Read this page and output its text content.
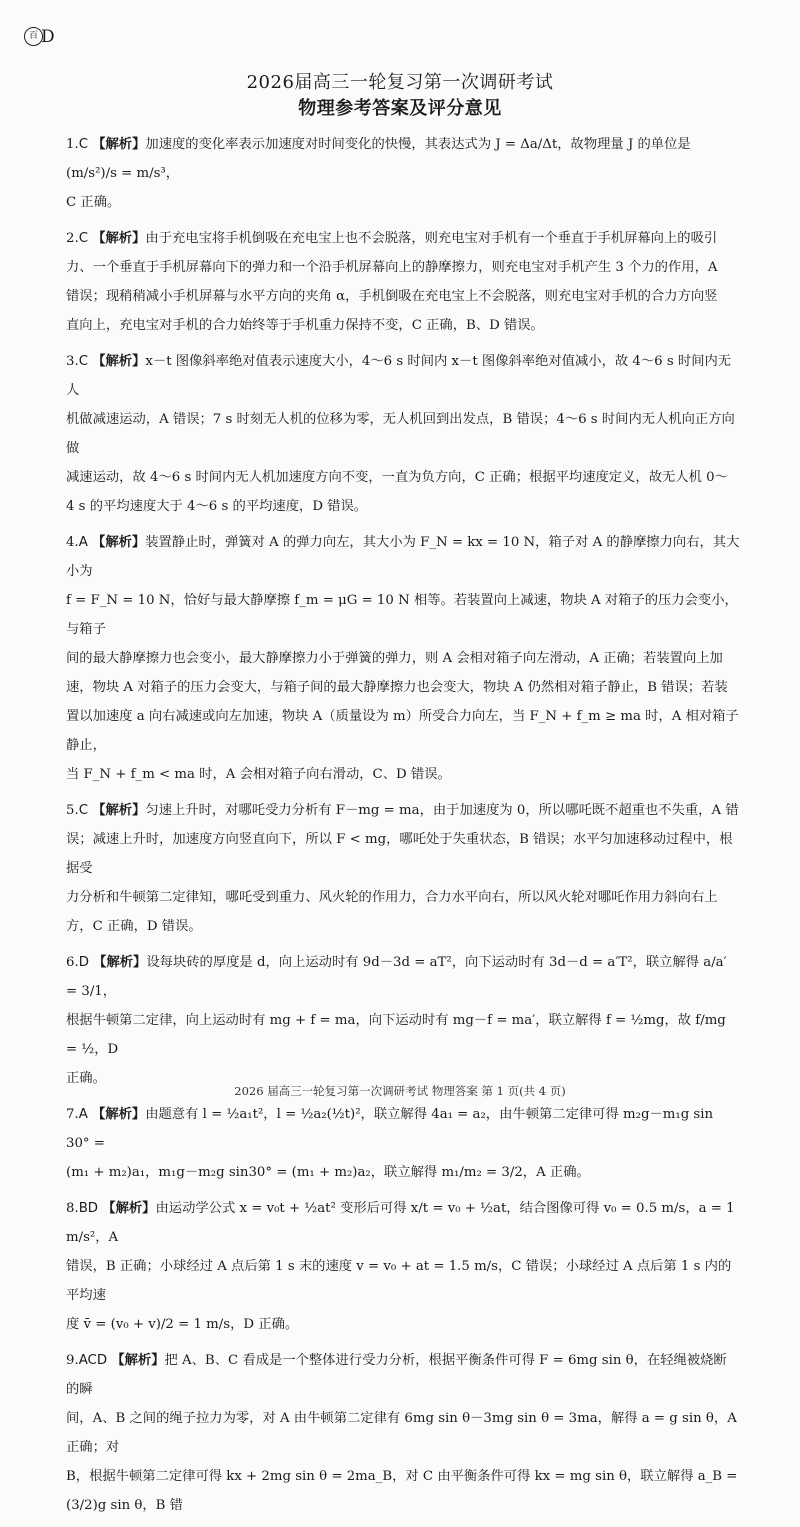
百 D
2026届高三一轮复习第一次调研考试
物理参考答案及评分意见

1.C 【解析】加速度的变化率表示加速度对时间变化的快慢，其表达式为 J = Δa/Δt，故物理量 J 的单位是 (m/s²)/s = m/s³，

C 正确。

2.C 【解析】由于充电宝将手机倒吸在充电宝上也不会脱落，则充电宝对手机有一个垂直于手机屏幕向上的吸引

力、一个垂直于手机屏幕向下的弹力和一个沿手机屏幕向上的静摩擦力，则充电宝对手机产生 3 个力的作用，A

错误；现稍稍减小手机屏幕与水平方向的夹角 α，手机倒吸在充电宝上不会脱落，则充电宝对手机的合力方向竖

直向上，充电宝对手机的合力始终等于手机重力保持不变，C 正确，B、D 错误。

3.C 【解析】x－t 图像斜率绝对值表示速度大小，4～6 s 时间内 x－t 图像斜率绝对值减小，故 4～6 s 时间内无人

机做减速运动，A 错误；7 s 时刻无人机的位移为零，无人机回到出发点，B 错误；4～6 s 时间内无人机向正方向做

减速运动，故 4～6 s 时间内无人机加速度方向不变，一直为负方向，C 正确；根据平均速度定义，故无人机 0～

4 s 的平均速度大于 4～6 s 的平均速度，D 错误。

4.A 【解析】装置静止时，弹簧对 A 的弹力向左，其大小为 F_N = kx = 10 N，箱子对 A 的静摩擦力向右，其大小为

f = F_N = 10 N，恰好与最大静摩擦 f_m = μG = 10 N 相等。若装置向上减速，物块 A 对箱子的压力会变小，与箱子

间的最大静摩擦力也会变小，最大静摩擦力小于弹簧的弹力，则 A 会相对箱子向左滑动，A 正确；若装置向上加

速，物块 A 对箱子的压力会变大，与箱子间的最大静摩擦力也会变大，物块 A 仍然相对箱子静止，B 错误；若装

置以加速度 a 向右减速或向左加速，物块 A（质量设为 m）所受合力向左，当 F_N + f_m ≥ ma 时，A 相对箱子静止，

当 F_N + f_m < ma 时，A 会相对箱子向右滑动，C、D 错误。

5.C 【解析】匀速上升时，对哪吒受力分析有 F－mg = ma，由于加速度为 0，所以哪吒既不超重也不失重，A 错

误；减速上升时，加速度方向竖直向下，所以 F < mg，哪吒处于失重状态，B 错误；水平匀加速移动过程中，根据受

力分析和牛顿第二定律知，哪吒受到重力、风火轮的作用力，合力水平向右，所以风火轮对哪吒作用力斜向右上

方，C 正确，D 错误。

6.D 【解析】设每块砖的厚度是 d，向上运动时有 9d－3d = aT²，向下运动时有 3d－d = a′T²，联立解得 a/a′ = 3/1，

根据牛顿第二定律，向上运动时有 mg + f = ma，向下运动时有 mg－f = ma′，联立解得 f = ½mg，故 f/mg = ½，D

正确。

7.A 【解析】由题意有 l = ½a₁t²，l = ½a₂(½t)²，联立解得 4a₁ = a₂，由牛顿第二定律可得 m₂g－m₁g sin 30° =

(m₁ + m₂)a₁，m₁g－m₂g sin30° = (m₁ + m₂)a₂，联立解得 m₁/m₂ = 3/2，A 正确。

8.BD 【解析】由运动学公式 x = v₀t + ½at² 变形后可得 x/t = v₀ + ½at，结合图像可得 v₀ = 0.5 m/s，a = 1 m/s²，A

错误，B 正确；小球经过 A 点后第 1 s 末的速度 v = v₀ + at = 1.5 m/s，C 错误；小球经过 A 点后第 1 s 内的平均速

度 v̄ = (v₀ + v)/2 = 1 m/s，D 正确。

9.ACD 【解析】把 A、B、C 看成是一个整体进行受力分析，根据平衡条件可得 F = 6mg sin θ，在轻绳被烧断的瞬

间，A、B 之间的绳子拉力为零，对 A 由牛顿第二定律有 6mg sin θ－3mg sin θ = 3ma，解得 a = g sin θ，A 正确；对

B，根据牛顿第二定律可得 kx + 2mg sin θ = 2ma_B，对 C 由平衡条件可得 kx = mg sin θ，联立解得 a_B = (3/2)g sin θ，B 错

2026 届高三一轮复习第一次调研考试 物理答案 第 1 页(共 4 页)
